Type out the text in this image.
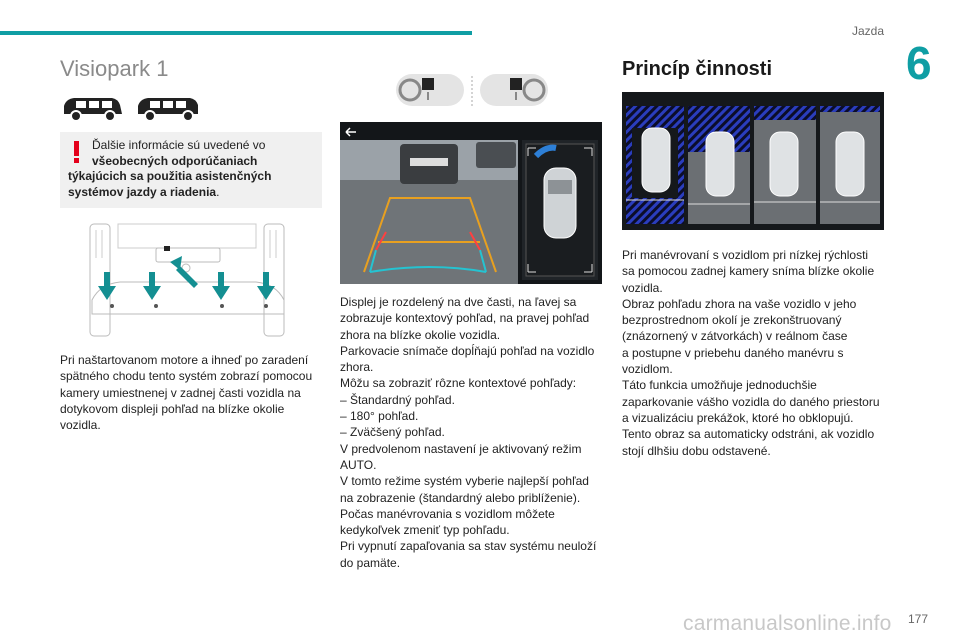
Jazda
6
Visiopark 1
Ďalšie informácie sú uvedené vo
všeobecných odporúčaniach
týkajúcich sa použitia asistenčných
systémov jazdy a riadenia.
Pri naštartovanom motore a ihneď po zaradení spätného chodu tento systém zobrazí pomocou kamery umiestnenej v zadnej časti vozidla na dotykovom displeji pohľad na blízke okolie vozidla.
Displej je rozdelený na dve časti, na ľavej sa
zobrazuje kontextový pohľad, na pravej pohľad
zhora na blízke okolie vozidla.
Parkovacie snímače dopĺňajú pohľad na vozidlo
zhora.
Môžu sa zobraziť rôzne kontextové pohľady:
– Štandardný pohľad.
– 180° pohľad.
– Zväčšený pohľad.
V predvolenom nastavení je aktivovaný režim
AUTO.
V tomto režime systém vyberie najlepší pohľad
na zobrazenie (štandardný alebo priblíženie).
Počas manévrovania s vozidlom môžete
kedykoľvek zmeniť typ pohľadu.
Pri vypnutí zapaľovania sa stav systému neuloží
do pamäte.
Princíp činnosti
Pri manévrovaní s vozidlom pri nízkej rýchlosti
sa pomocou zadnej kamery sníma blízke okolie
vozidla.
Obraz pohľadu zhora na vaše vozidlo v jeho
bezprostrednom okolí je zrekonštruovaný
(znázornený v zátvorkách) v reálnom čase
a postupne v priebehu daného manévru s
vozidlom.
Táto funkcia umožňuje jednoduchšie
zaparkovanie vášho vozidla do daného priestoru
a vizualizáciu prekážok, ktoré ho obklopujú.
Tento obraz sa automaticky odstráni, ak vozidlo
stojí dlhšiu dobu odstavené.
carmanualsonline.info 177
